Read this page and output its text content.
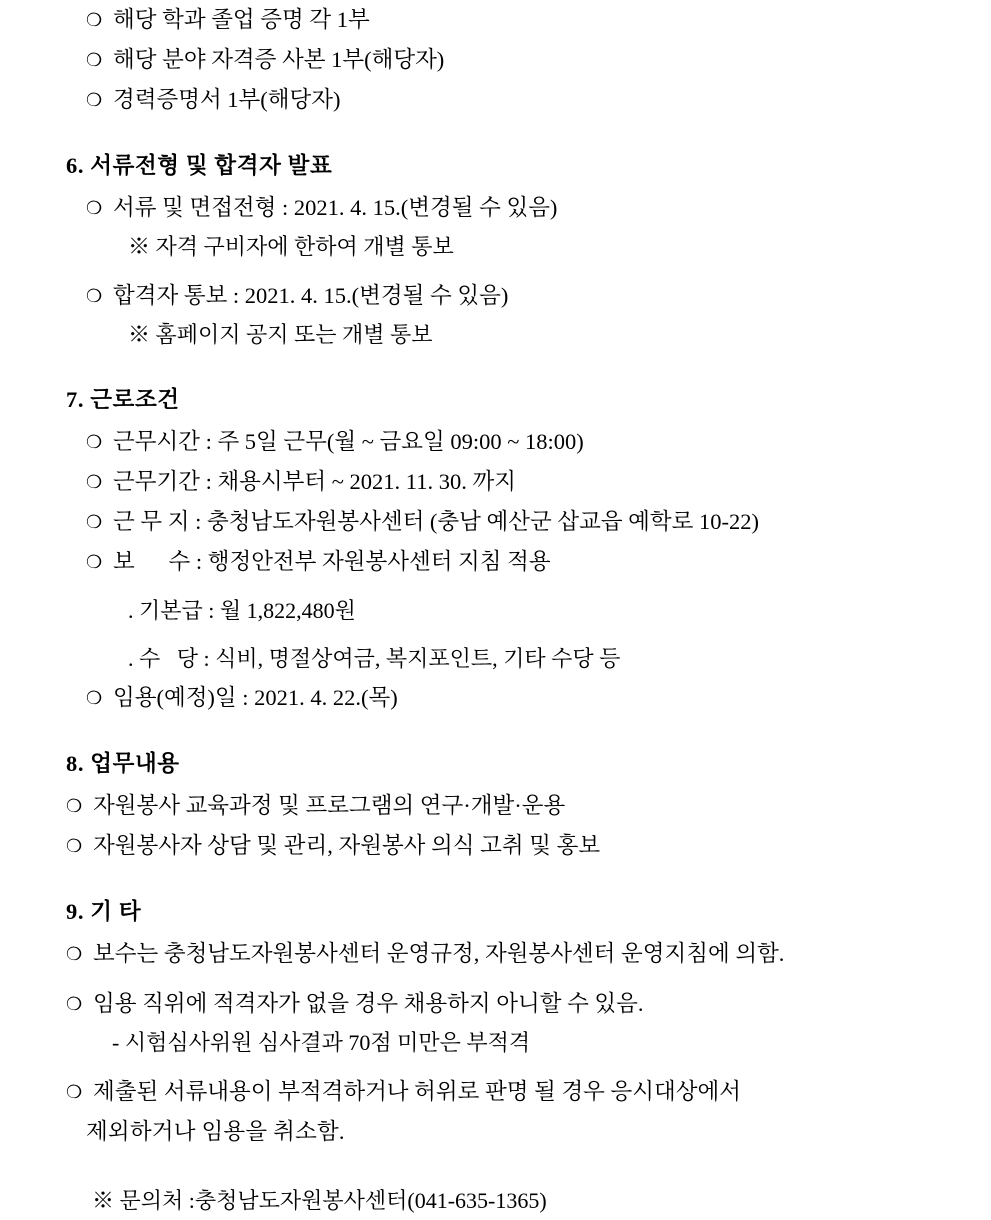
❍ 해당 학과 졸업 증명 각 1부
❍ 해당 분야 자격증 사본 1부(해당자)
❍ 경력증명서 1부(해당자)
6. 서류전형 및 합격자 발표
❍ 서류 및 면접전형 : 2021. 4. 15.(변경될 수 있음)
※ 자격 구비자에 한하여 개별 통보
❍ 합격자 통보 : 2021. 4. 15.(변경될 수 있음)
※ 홈페이지 공지 또는 개별 통보
7. 근로조건
❍ 근무시간 : 주 5일 근무(월 ~ 금요일 09:00 ~ 18:00)
❍ 근무기간 : 채용시부터 ~ 2021. 11. 30. 까지
❍ 근 무 지 : 충청남도자원봉사센터 (충남 예산군 삽교읍 예학로 10-22)
❍ 보      수 : 행정안전부 자원봉사센터 지침 적용
. 기본급 : 월 1,822,480원
. 수   당 : 식비, 명절상여금, 복지포인트, 기타 수당 등
❍ 임용(예정)일 : 2021. 4. 22.(목)
8. 업무내용
❍ 자원봉사 교육과정 및 프로그램의 연구·개발·운용
❍ 자원봉사자 상담 및 관리, 자원봉사 의식 고취 및 홍보
9. 기 타
❍ 보수는 충청남도자원봉사센터 운영규정, 자원봉사센터 운영지침에 의함.
❍ 임용 직위에 적격자가 없을 경우 채용하지 아니할 수 있음.
- 시험심사위원 심사결과 70점 미만은 부적격
❍ 제출된 서류내용이 부적격하거나 허위로 판명 될 경우 응시대상에서
제외하거나 임용을 취소함.
※ 문의처 :충청남도자원봉사센터(041-635-1365)
